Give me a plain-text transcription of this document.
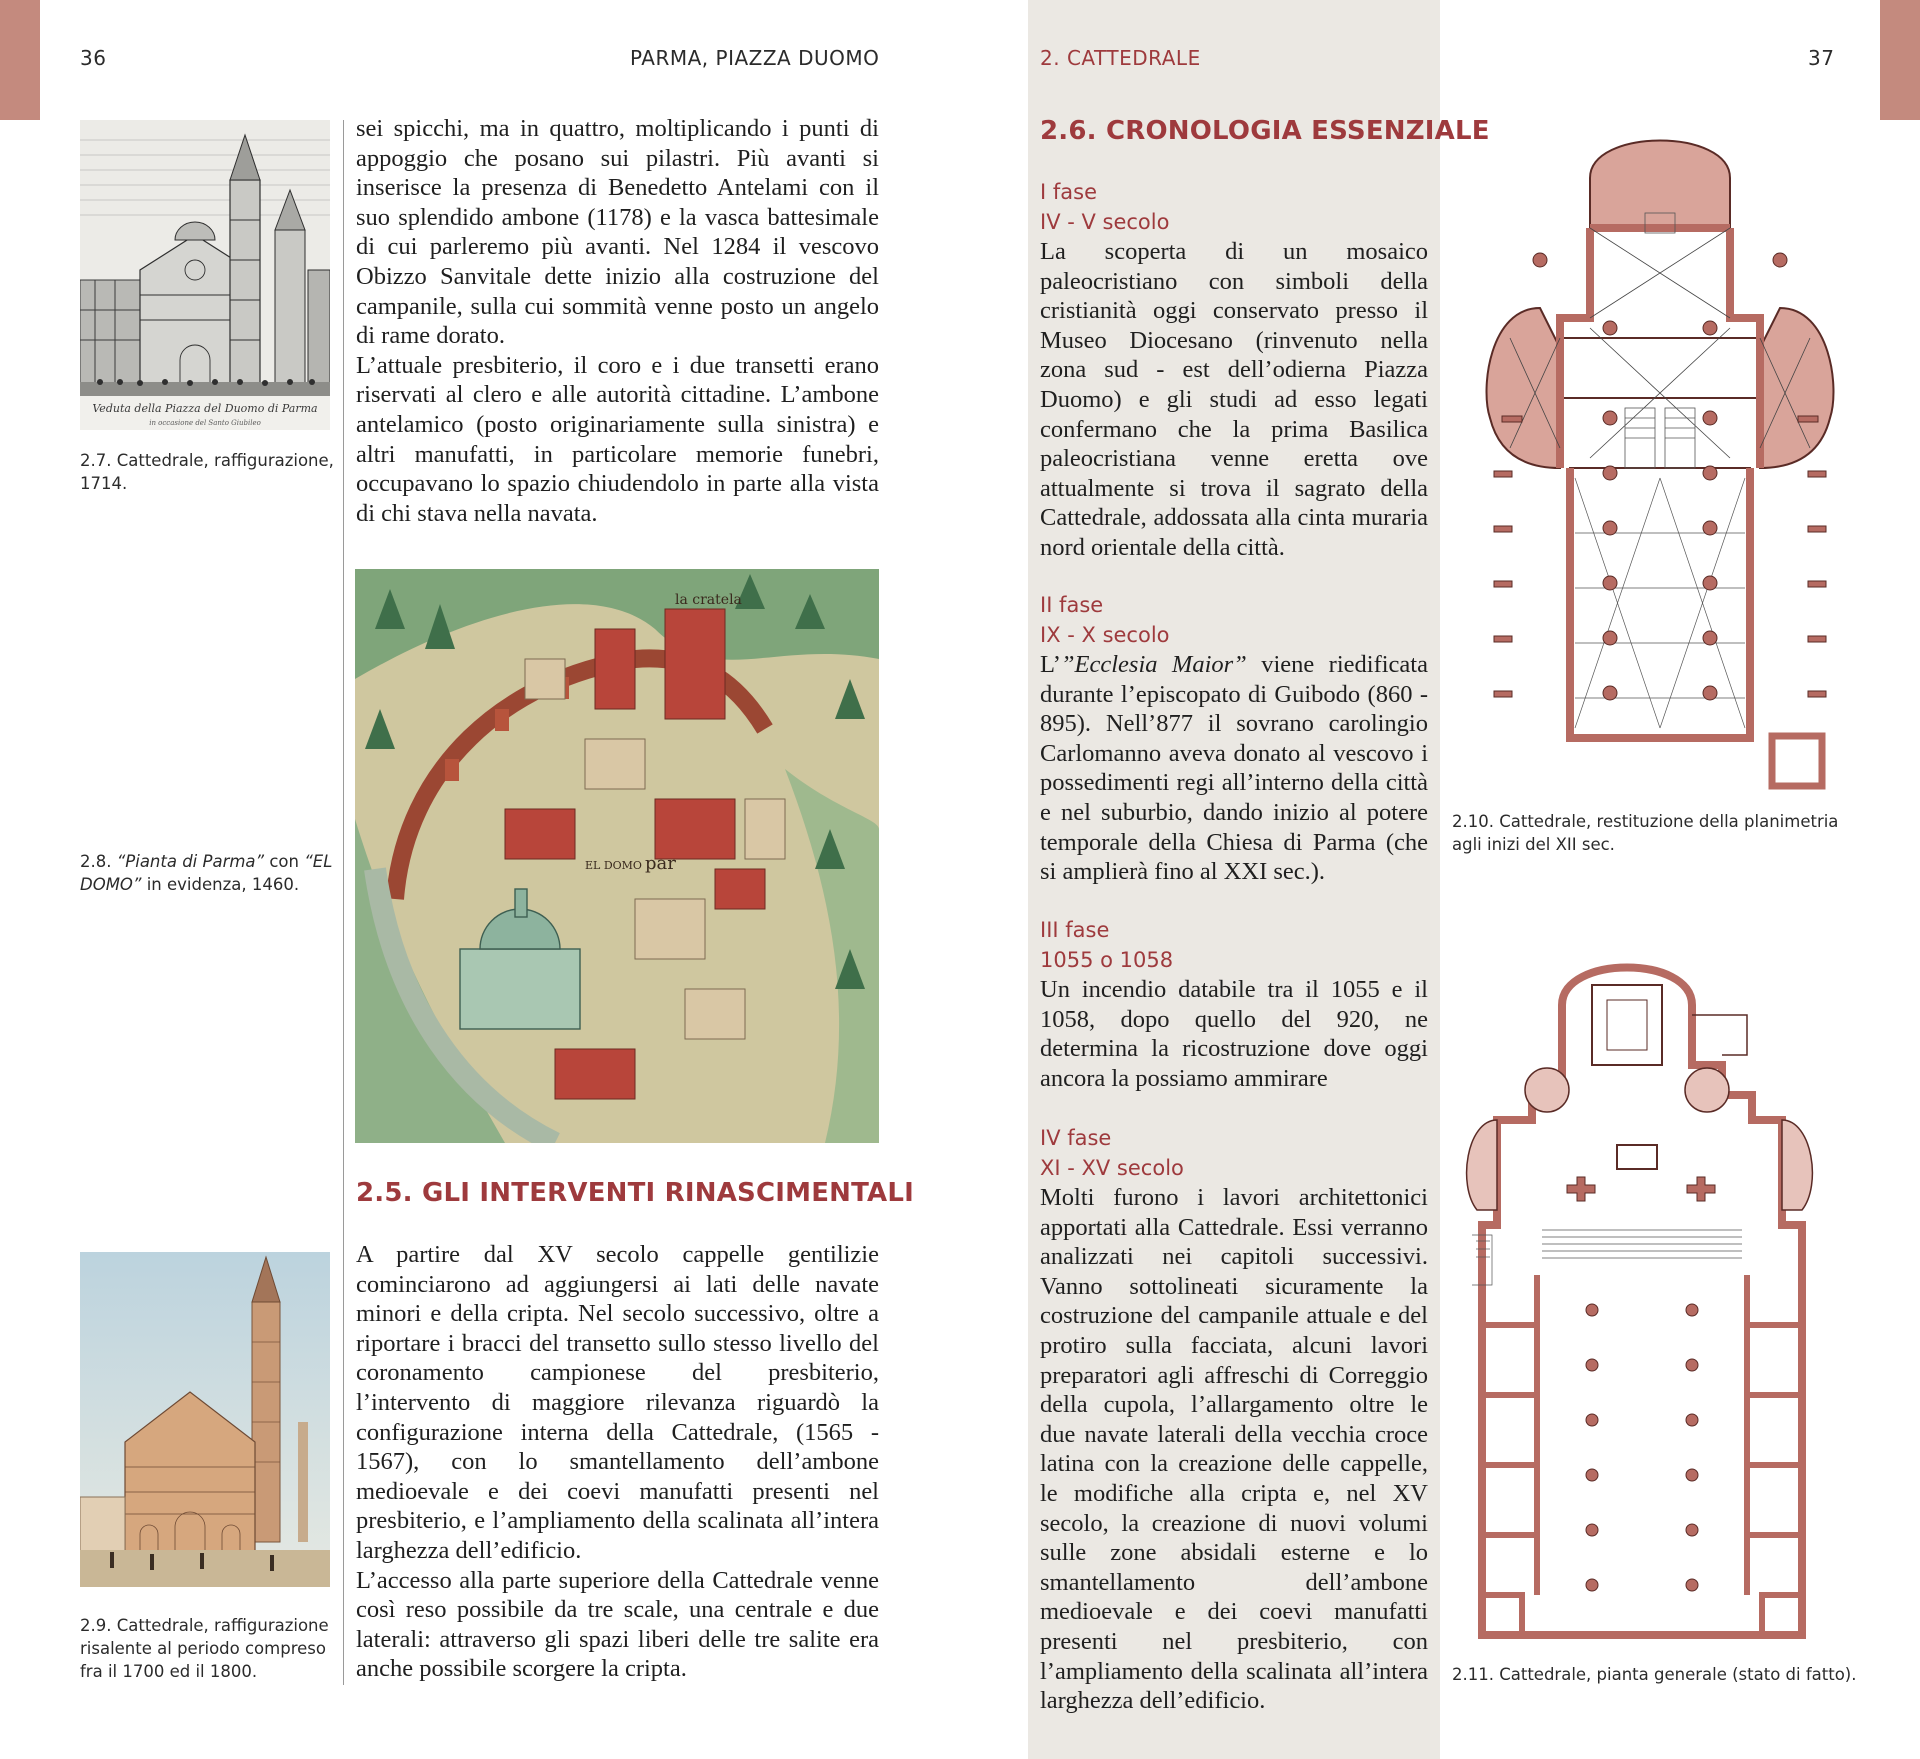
36	PARMA, PIAZZA DUOMO	2. CATTEDRALE	37
Veduta della Piazza del Duomo di Parma
in occasione del Santo Giubileo
2.7. Cattedrale, raffigurazione, 1714.
2.8. “Pianta di Parma” con “EL DOMO” in evidenza, 1460.
2.9. Cattedrale, raffigurazione risalente al periodo compreso fra il 1700 ed il 1800.

sei spicchi, ma in quattro, moltiplicando i punti di appoggio che posano sui pilastri. Più avanti si inserisce la presenza di Benedetto Antelami con il suo splendido ambone (1178) e la vasca battesimale di cui parleremo più avanti. Nel 1284 il vescovo Obizzo Sanvitale dette inizio alla costruzione del campanile, sulla cui sommità venne posto un angelo di rame dorato.

L’attuale presbiterio, il coro e i due transetti erano riservati al clero e alle autorità cittadine. L’ambone antelamico (posto originariamente sulla sinistra) e altri manufatti, in particolare memorie funebri, occupavano lo spazio chiudendolo in parte alla vista di chi stava nella navata.

la cratela
EL DOMO par
2.5. GLI INTERVENTI RINASCIMENTALI

A partire dal XV secolo cappelle gentilizie cominciarono ad aggiungersi ai lati delle navate minori e della cripta. Nel secolo successivo, oltre a riportare i bracci del transetto sullo stesso livello del coronamento campionese del presbiterio, l’intervento di maggiore rilevanza riguardò la configurazione interna della Cattedrale, (1565 - 1567), con lo smantellamento dell’ambone medioevale e dei coevi manufatti presenti nel presbiterio, e l’ampliamento della scalinata all’intera larghezza dell’edificio.

L’accesso alla parte superiore della Cattedrale venne così reso possibile da tre scale, una centrale e due laterali: attraverso gli spazi liberi delle tre salite era anche possibile scorgere la cripta.

2.6. CRONOLOGIA ESSENZIALE
I fase
IV - V secolo
La scoperta di un mosaico paleocristiano con simboli della cristianità oggi conservato presso il Museo Diocesano (rinvenuto nella zona sud - est dell’odierna Piazza Duomo) e gli studi ad esso legati confermano che la prima Basilica paleocristiana venne eretta ove attualmente si trova il sagrato della Cattedrale, addossata alla cinta muraria nord orientale della città.
II fase
IX - X secolo
L’”Ecclesia Maior” viene riedificata durante l’episcopato di Guibodo (860 - 895). Nell’877 il sovrano carolingio Carlomanno aveva donato al vescovo i possedimenti regi all’interno della città e nel suburbio, dando inizio al potere temporale della Chiesa di Parma (che si amplierà fino al XXI sec.).
III fase
1055 o 1058
Un incendio databile tra il 1055 e il 1058, dopo quello del 920, ne determina la ricostruzione dove oggi ancora la possiamo ammirare
IV fase
XI - XV secolo
Molti furono i lavori architettonici apportati alla Cattedrale. Essi verranno analizzati nei capitoli successivi. Vanno sottolineati sicuramente la costruzione del campanile attuale e del protiro sulla facciata, alcuni lavori preparatori agli affreschi di Correggio della cupola, l’allargamento oltre le due navate laterali della vecchia croce latina con la creazione delle cappelle, le modifiche alla cripta e, nel XV secolo, la creazione di nuovi volumi sulle zone absidali esterne e lo smantellamento dell’ambone medioevale e dei coevi manufatti presenti nel presbiterio, con l’ampliamento della scalinata all’intera larghezza dell’edificio.
2.10. Cattedrale, restituzione della planimetria agli inizi del XII sec.
2.11. Cattedrale, pianta generale (stato di fatto).
